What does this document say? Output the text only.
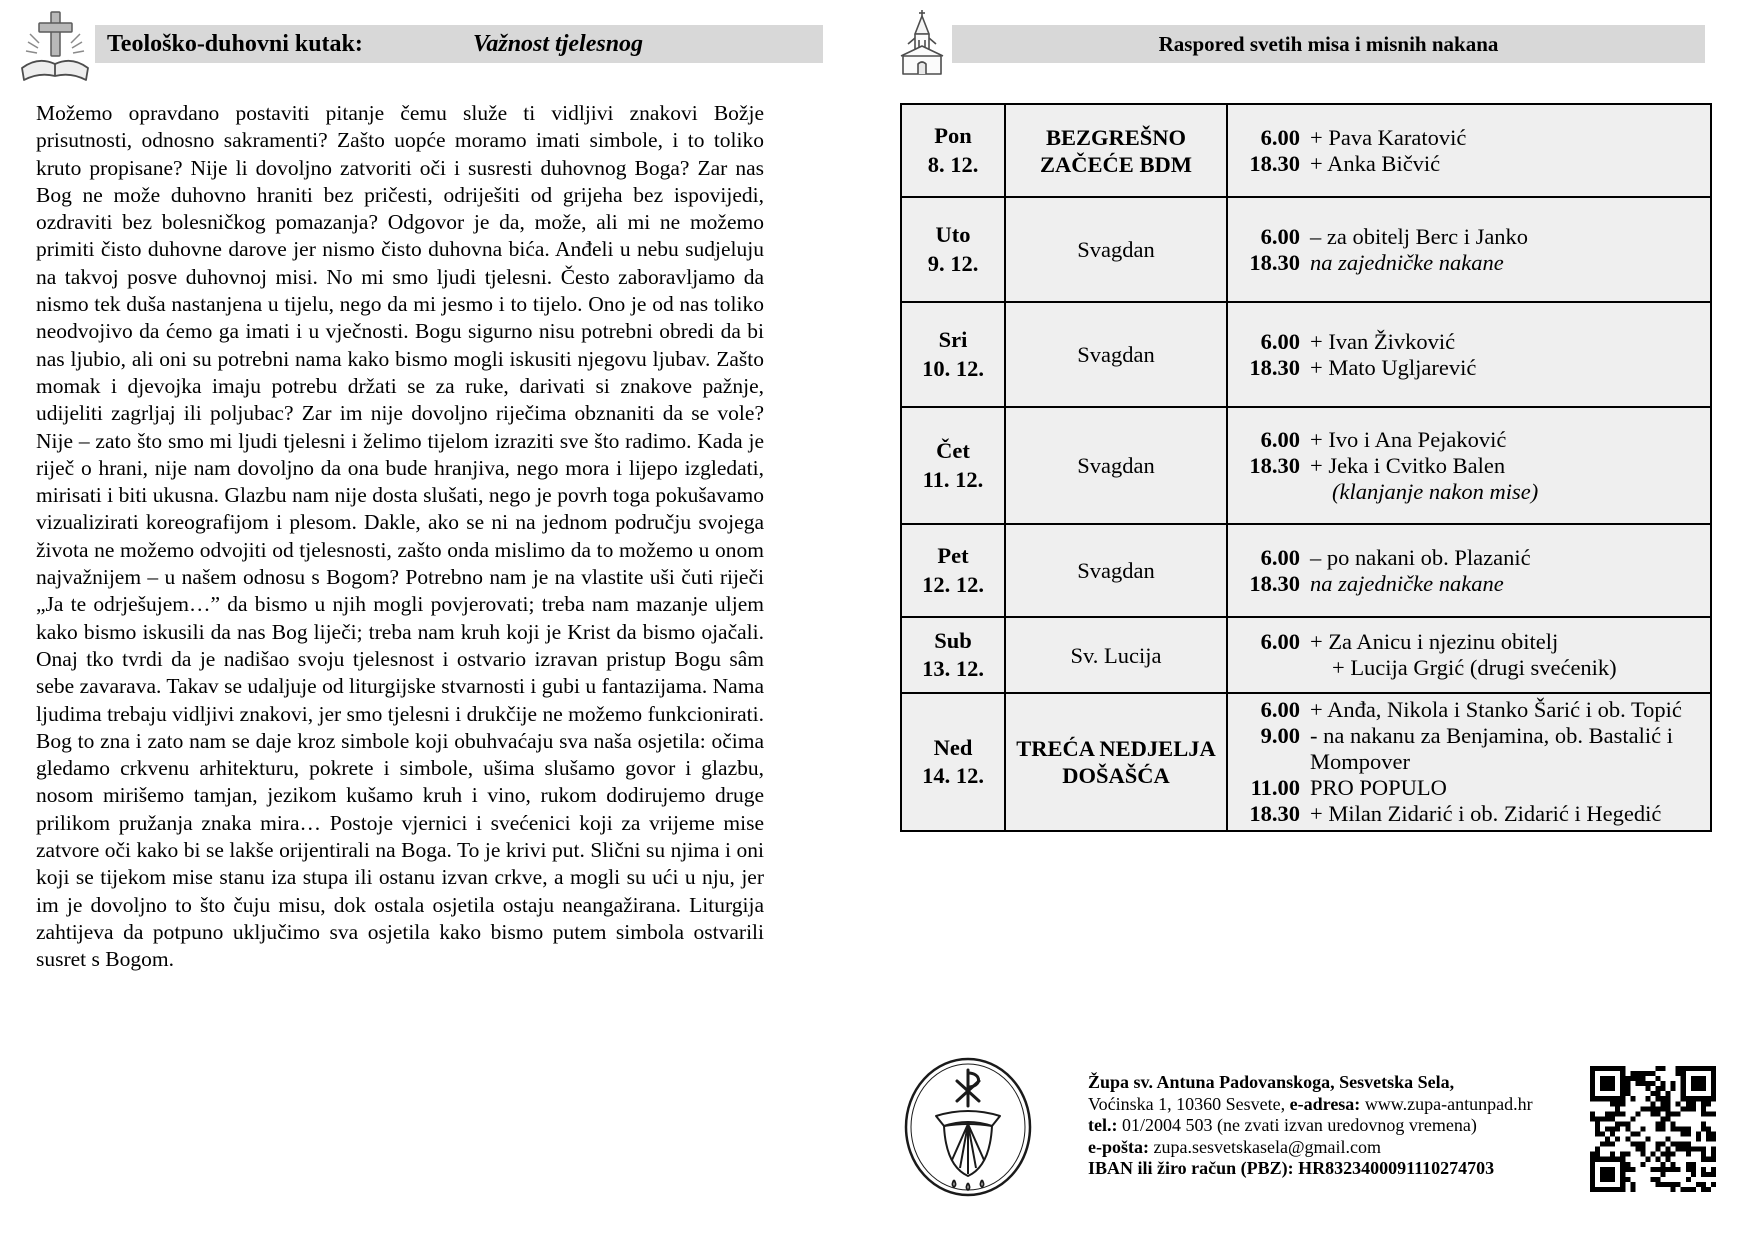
Teološko-duhovni kutak:	Važnost tjelesnog

Možemo opravdano postaviti pitanje čemu služe ti vidljivi znakovi Božje prisutnosti, odnosno sakramenti? Zašto uopće moramo imati simbole, i to toliko kruto propisane? Nije li dovoljno zatvoriti oči i susresti duhovnog Boga? Zar nas Bog ne može duhovno hraniti bez pričesti, odriješiti od grijeha bez ispovijedi, ozdraviti bez bolesničkog pomazanja? Odgovor je da, može, ali mi ne možemo primiti čisto duhovne darove jer nismo čisto duhovna bića. Anđeli u nebu sudjeluju na takvoj posve duhovnoj misi. No mi smo ljudi tjelesni. Često zaboravljamo da nismo tek duša nastanjena u tijelu, nego da mi jesmo i to tijelo. Ono je od nas toliko neodvojivo da ćemo ga imati i u vječnosti. Bogu sigurno nisu potrebni obredi da bi nas ljubio, ali oni su potrebni nama kako bismo mogli iskusiti njegovu ljubav. Zašto momak i djevojka imaju potrebu držati se za ruke, darivati si znakove pažnje, udijeliti zagrljaj ili poljubac? Zar im nije dovoljno riječima obznaniti da se vole? Nije – zato što smo mi ljudi tjelesni i želimo tijelom izraziti sve što radimo. Kada je riječ o hrani, nije nam dovoljno da ona bude hranjiva, nego mora i lijepo izgledati, mirisati i biti ukusna. Glazbu nam nije dosta slušati, nego je povrh toga pokušavamo vizualizirati koreografijom i plesom. Dakle, ako se ni na jednom području svojega života ne možemo odvojiti od tjelesnosti, zašto onda mislimo da to možemo u onom najvažnijem – u našem odnosu s Bogom? Potrebno nam je na vlastite uši čuti riječi „Ja te odrješujem…” da bismo u njih mogli povjerovati; treba nam mazanje uljem kako bismo iskusili da nas Bog liječi; treba nam kruh koji je Krist da bismo ojačali. Onaj tko tvrdi da je nadišao svoju tjelesnost i ostvario izravan pristup Bogu sâm sebe zavarava. Takav se udaljuje od liturgijske stvarnosti i gubi u fantazijama. Nama ljudima trebaju vidljivi znakovi, jer smo tjelesni i drukčije ne možemo funkcionirati. Bog to zna i zato nam se daje kroz simbole koji obuhvaćaju sva naša osjetila: očima gledamo crkvenu arhitekturu, pokrete i simbole, ušima slušamo govor i glazbu, nosom mirišemo tamjan, jezikom kušamo kruh i vino, rukom dodirujemo druge prilikom pružanja znaka mira… Postoje vjernici i svećenici koji za vrijeme mise zatvore oči kako bi se lakše orijentirali na Boga. To je krivi put. Slični su njima i oni koji se tijekom mise stanu iza stupa ili ostanu izvan crkve, a mogli su ući u nju, jer im je dovoljno to što čuju misu, dok ostala osjetila ostaju neangažirana. Liturgija zahtijeva da potpuno uključimo sva osjetila kako bismo putem simbola ostvarili susret s Bogom.

Raspored svetih misa i misnih nakana
Pon
8. 12.
	BEZGREŠNO ZAČEĆE BDM	
6.00 + Pava Karatović
18.30 + Anka Bičvić

Uto
9. 12.
	Svagdan	
6.00 – za obitelj Berc i Janko
18.30 na zajedničke nakane

Sri
10. 12.
	Svagdan	
6.00 + Ivan Živković
18.30 + Mato Ugljarević

Čet
11. 12.
	Svagdan	
6.00 + Ivo i Ana Pejaković
18.30 + Jeka i Cvitko Balen
(klanjanje nakon mise)

Pet
12. 12.
	Svagdan	
6.00 – po nakani ob. Plazanić
18.30 na zajedničke nakane

Sub
13. 12.
	Sv. Lucija	
6.00 + Za Anicu i njezinu obitelj
+ Lucija Grgić (drugi svećenik)

Ned
14. 12.
	TREĆA NEDJELJA DOŠAŠĆA	
6.00 + Anđa, Nikola i Stanko Šarić i ob. Topić
9.00 - na nakanu za Benjamina, ob. Bastalić i Mompover
11.00 PRO POPULO
18.30 + Milan Zidarić i ob. Zidarić i Hegedić
Župa sv. Antuna Padovanskoga, Sesvetska Sela,
Voćinska 1, 10360 Sesvete, e-adresa: www.zupa-antunpad.hr
tel.: 01/2004 503 (ne zvati izvan uredovnog vremena)
e-pošta: zupa.sesvetskasela@gmail.com
IBAN ili žiro račun (PBZ): HR8323400091110274703
